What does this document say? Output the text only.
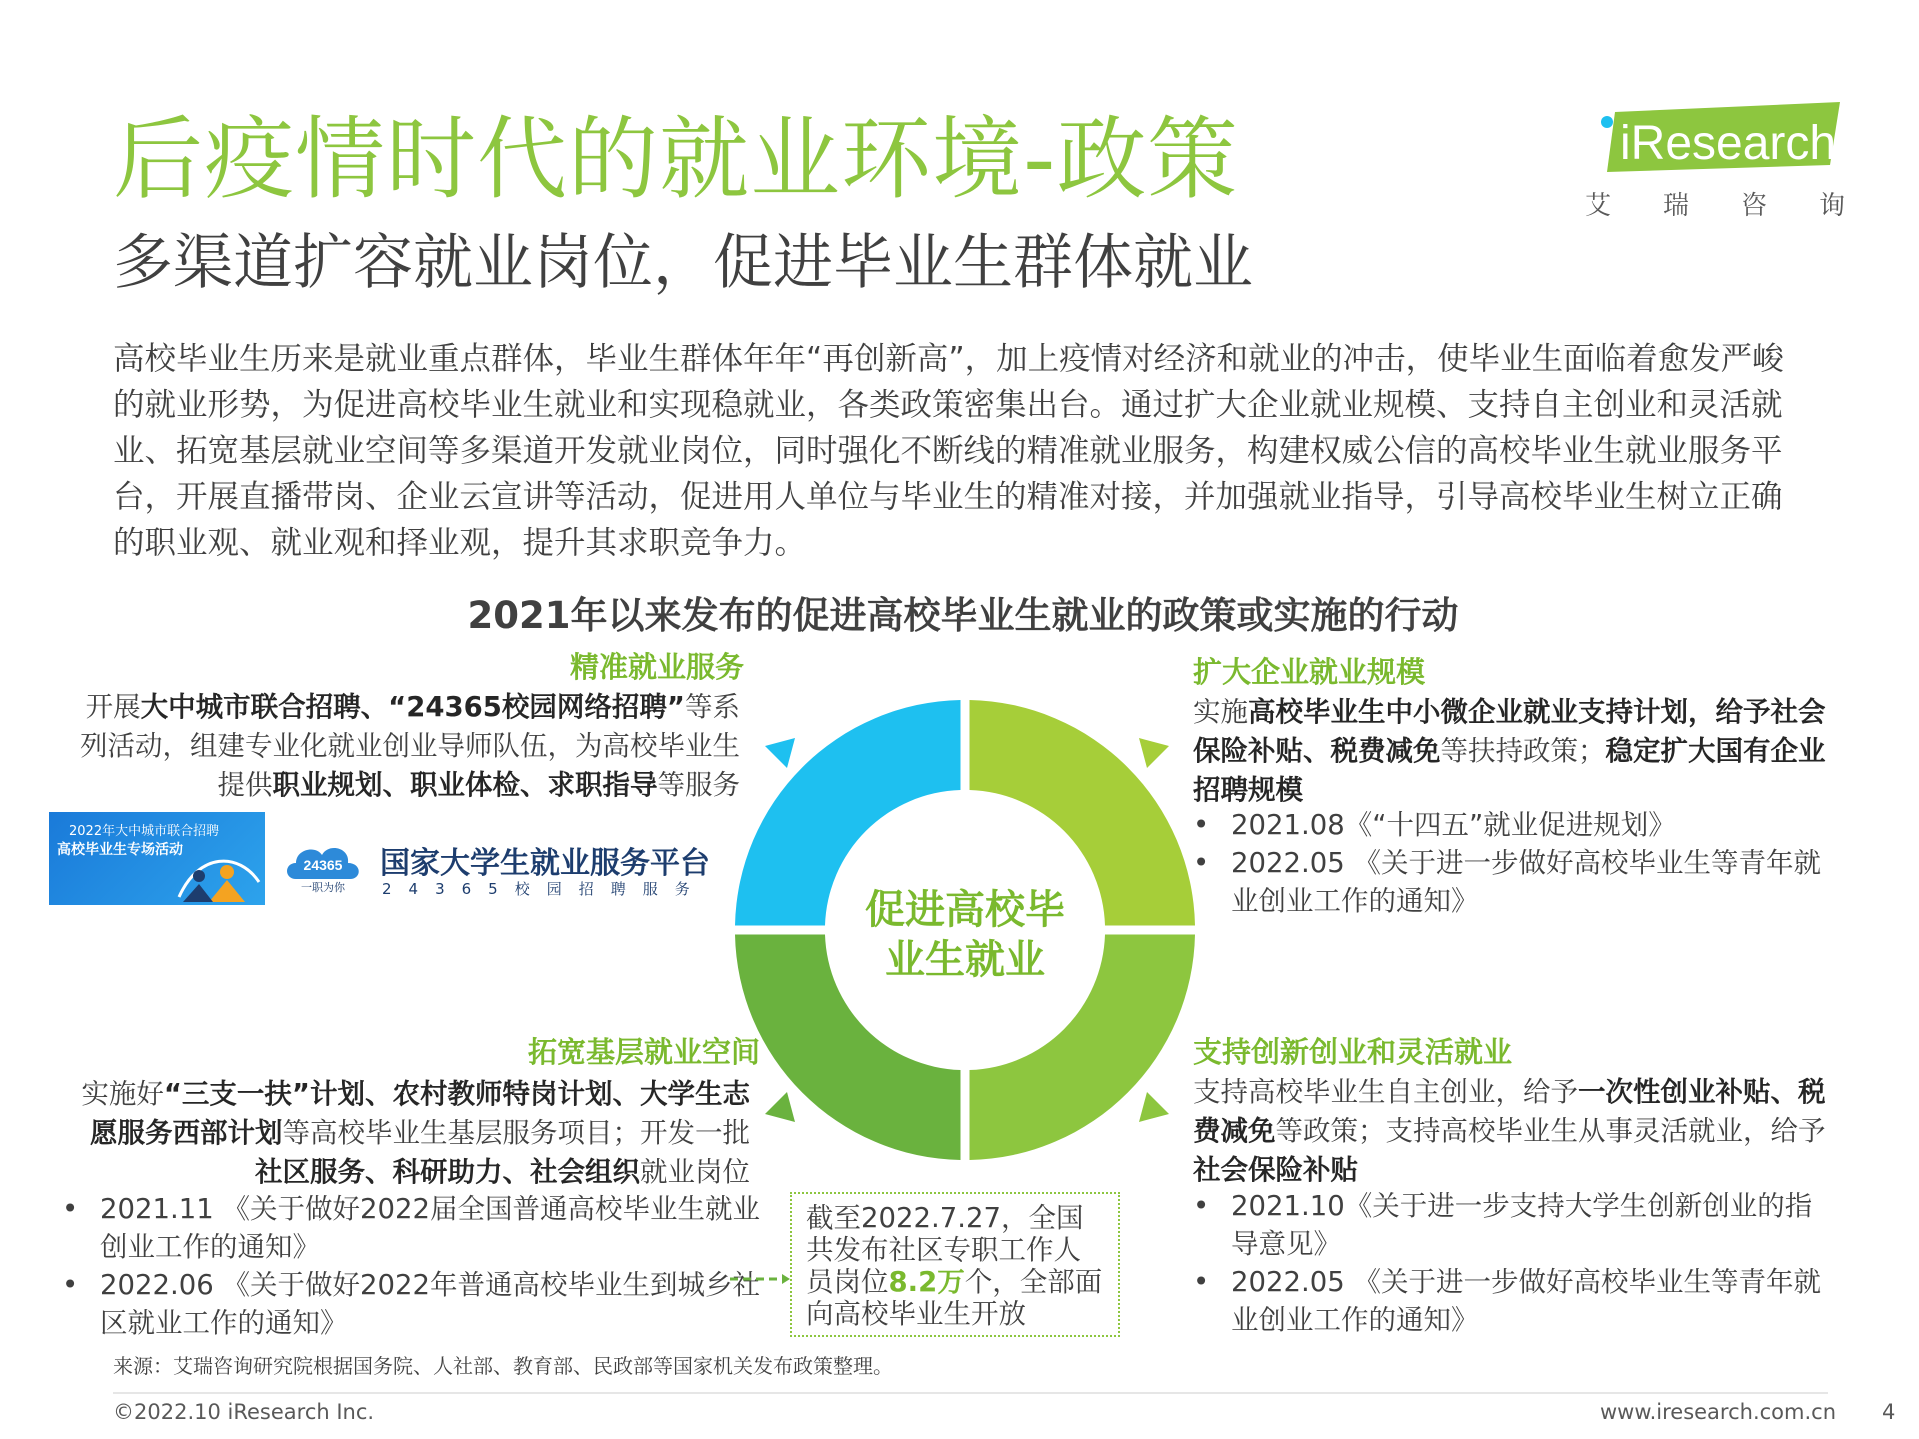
后疫情时代的就业环境-政策
多渠道扩容就业岗位，促进毕业生群体就业
iResearch
艾 瑞 咨 询
高校毕业生历来是就业重点群体，毕业生群体年年“再创新高”，加上疫情对经济和就业的冲击，使毕业生面临着愈发严峻的就业形势，为促进高校毕业生就业和实现稳就业，各类政策密集出台。通过扩大企业就业规模、支持自主创业和灵活就业、拓宽基层就业空间等多渠道开发就业岗位，同时强化不断线的精准就业服务，构建权威公信的高校毕业生就业服务平台，开展直播带岗、企业云宣讲等活动，促进用人单位与毕业生的精准对接，并加强就业指导，引导高校毕业生树立正确的职业观、就业观和择业观，提升其求职竞争力。
2021年以来发布的促进高校毕业生就业的政策或实施的行动
促进高校毕业生就业
精准就业服务
开展大中城市联合招聘、“24365校园网络招聘”等系列活动，组建专业化就业创业导师队伍，为高校毕业生提供职业规划、职业体检、求职指导等服务
2022年大中城市联合招聘
高校毕业生专场活动
24365
一职为你
国家大学生就业服务平台
24365校园招聘服务
扩大企业就业规模
实施高校毕业生中小微企业就业支持计划，给予社会保险补贴、税费减免等扶持政策；稳定扩大国有企业招聘规模
• 2021.08《“十四五”就业促进规划》
• 2022.05 《关于进一步做好高校毕业生等青年就业创业工作的通知》
拓宽基层就业空间
实施好“三支一扶”计划、农村教师特岗计划、大学生志愿服务西部计划等高校毕业生基层服务项目；开发一批社区服务、科研助力、社会组织就业岗位
• 2021.11 《关于做好2022届全国普通高校毕业生就业创业工作的通知》
• 2022.06 《关于做好2022年普通高校毕业生到城乡社区就业工作的通知》
支持创新创业和灵活就业
支持高校毕业生自主创业，给予一次性创业补贴、税费减免等政策；支持高校毕业生从事灵活就业，给予社会保险补贴
• 2021.10《关于进一步支持大学生创新创业的指导意见》
• 2022.05 《关于进一步做好高校毕业生等青年就业创业工作的通知》
截至2022.7.27，全国共发布社区专职工作人员岗位8.2万个，全部面向高校毕业生开放
来源：艾瑞咨询研究院根据国务院、人社部、教育部、民政部等国家机关发布政策整理。
©2022.10 iResearch Inc.	www.iresearch.com.cn 4
